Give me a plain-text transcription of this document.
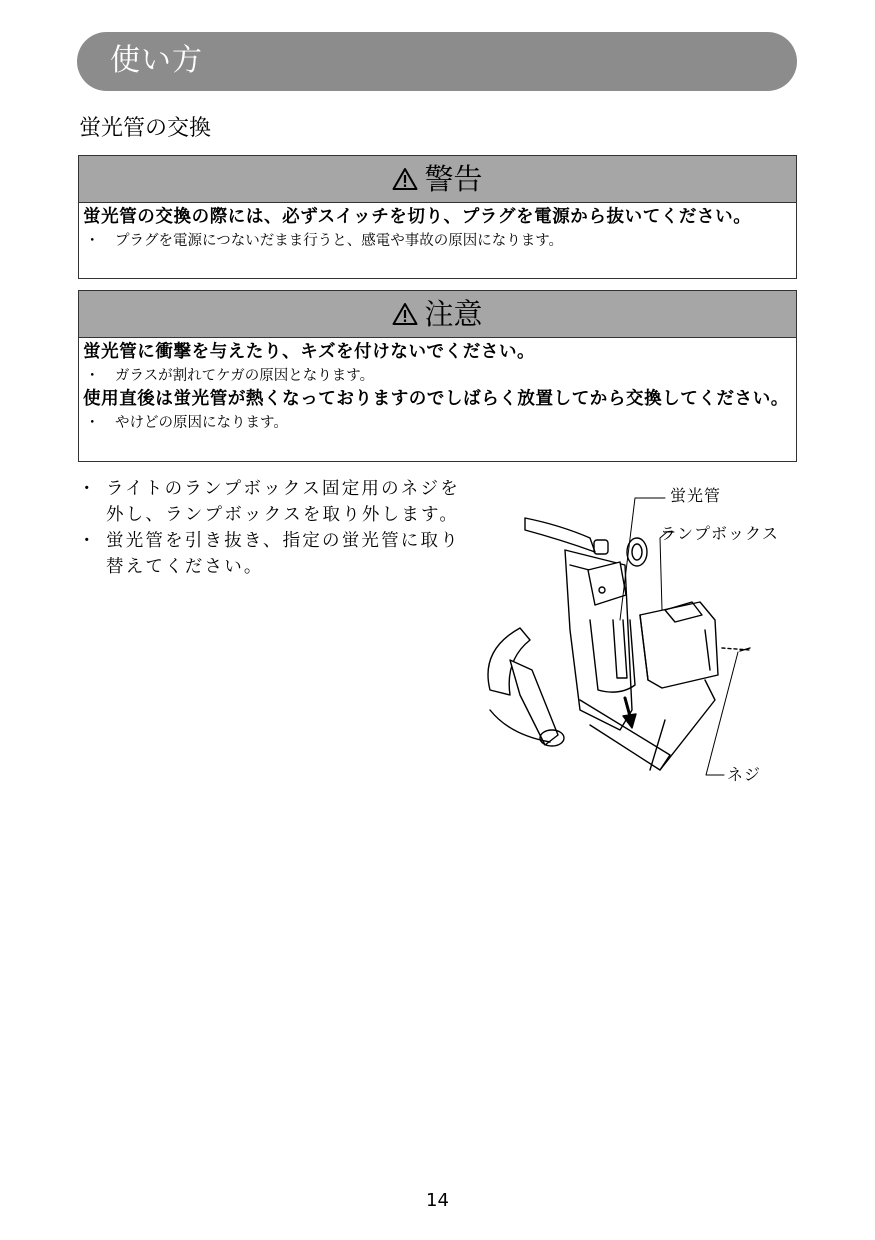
使い方
蛍光管の交換
警告
蛍光管の交換の際には、必ずスイッチを切り、プラグを電源から抜いてください。
・ プラグを電源につないだまま行うと、感電や事故の原因になります。
注意
蛍光管に衝撃を与えたり、キズを付けないでください。
・ ガラスが割れてケガの原因となります。
使用直後は蛍光管が熱くなっておりますのでしばらく放置してから交換してください。
・ やけどの原因になります。
・ ライトのランプボックス固定用のネジを外し、ランプボックスを取り外します。
・ 蛍光管を引き抜き、指定の蛍光管に取り替えてください。
蛍光管
ランプボックス
ネジ
14
